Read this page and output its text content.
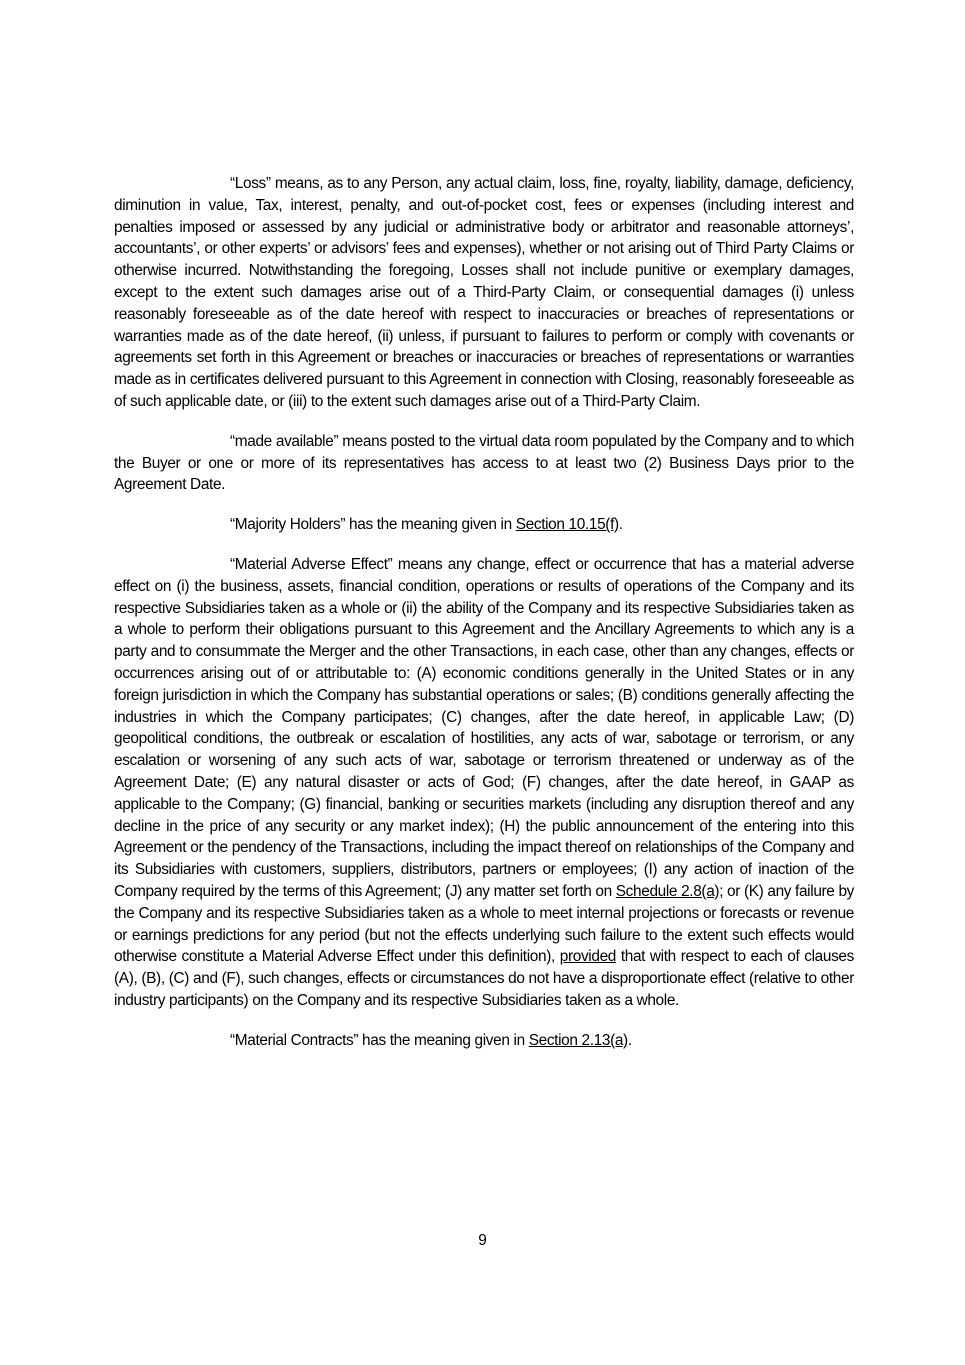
“Loss” means, as to any Person, any actual claim, loss, fine, royalty, liability, damage, deficiency, diminution in value, Tax, interest, penalty, and out-of-pocket cost, fees or expenses (including interest and penalties imposed or assessed by any judicial or administrative body or arbitrator and reasonable attorneys’, accountants’, or other experts’ or advisors’ fees and expenses), whether or not arising out of Third Party Claims or otherwise incurred. Notwithstanding the foregoing, Losses shall not include punitive or exemplary damages, except to the extent such damages arise out of a Third-Party Claim, or consequential damages (i) unless reasonably foreseeable as of the date hereof with respect to inaccuracies or breaches of representations or warranties made as of the date hereof, (ii) unless, if pursuant to failures to perform or comply with covenants or agreements set forth in this Agreement or breaches or inaccuracies or breaches of representations or warranties made as in certificates delivered pursuant to this Agreement in connection with Closing, reasonably foreseeable as of such applicable date, or (iii) to the extent such damages arise out of a Third-Party Claim.

“made available” means posted to the virtual data room populated by the Company and to which the Buyer or one or more of its representatives has access to at least two (2) Business Days prior to the Agreement Date.

“Majority Holders” has the meaning given in Section 10.15(f).

“Material Adverse Effect” means any change, effect or occurrence that has a material adverse effect on (i) the business, assets, financial condition, operations or results of operations of the Company and its respective Subsidiaries taken as a whole or (ii) the ability of the Company and its respective Subsidiaries taken as a whole to perform their obligations pursuant to this Agreement and the Ancillary Agreements to which any is a party and to consummate the Merger and the other Transactions, in each case, other than any changes, effects or occurrences arising out of or attributable to: (A) economic conditions generally in the United States or in any foreign jurisdiction in which the Company has substantial operations or sales; (B) conditions generally affecting the industries in which the Company participates; (C) changes, after the date hereof, in applicable Law; (D) geopolitical conditions, the outbreak or escalation of hostilities, any acts of war, sabotage or terrorism, or any escalation or worsening of any such acts of war, sabotage or terrorism threatened or underway as of the Agreement Date; (E) any natural disaster or acts of God; (F) changes, after the date hereof, in GAAP as applicable to the Company; (G) financial, banking or securities markets (including any disruption thereof and any decline in the price of any security or any market index); (H) the public announcement of the entering into this Agreement or the pendency of the Transactions, including the impact thereof on relationships of the Company and its Subsidiaries with customers, suppliers, distributors, partners or employees; (I) any action of inaction of the Company required by the terms of this Agreement; (J) any matter set forth on Schedule 2.8(a); or (K) any failure by the Company and its respective Subsidiaries taken as a whole to meet internal projections or forecasts or revenue or earnings predictions for any period (but not the effects underlying such failure to the extent such effects would otherwise constitute a Material Adverse Effect under this definition), provided that with respect to each of clauses (A), (B), (C) and (F), such changes, effects or circumstances do not have a disproportionate effect (relative to other industry participants) on the Company and its respective Subsidiaries taken as a whole.

“Material Contracts” has the meaning given in Section 2.13(a).

9
